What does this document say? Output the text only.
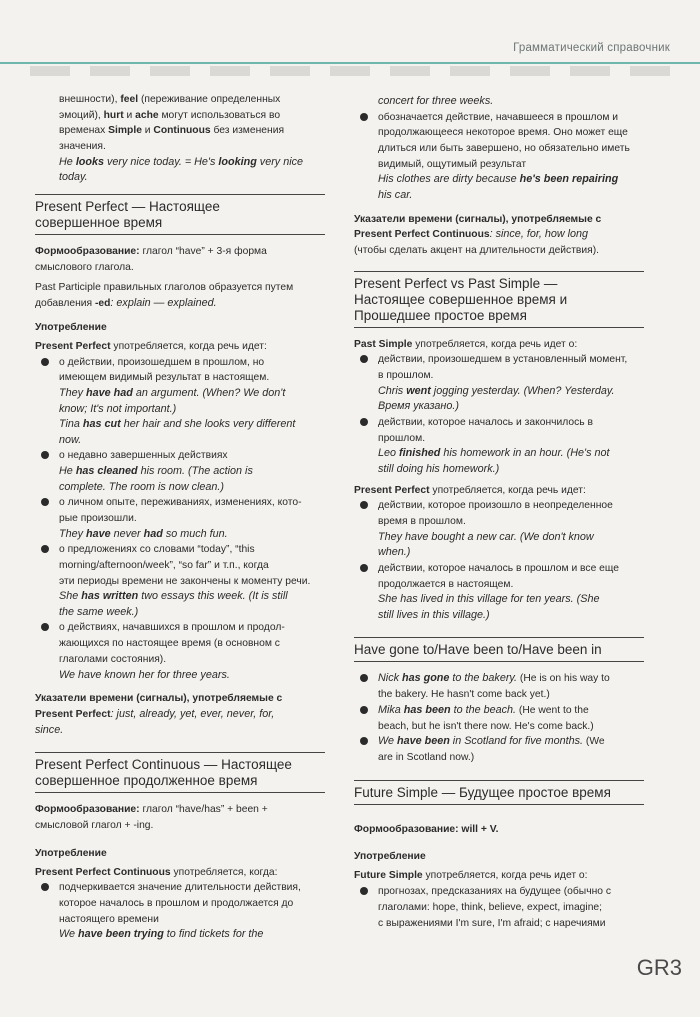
Грамматический справочник

внешности), feel (переживание определенных

эмоций), hurt и ache могут использоваться во

временах Simple и Continuous без изменения

значения.

He looks very nice today. = He's looking very nice

today.

Present Perfect — Настоящее
совершенное время

Формообразование: глагол “have” + 3-я форма

смыслового глагола.

Past Participle правильных глаголов образуется путем

добавления -ed: explain — explained.

Употребление

Present Perfect употребляется, когда речь идет:

о действии, произошедшем в прошлом, но

имеющем видимый результат в настоящем.

They have had an argument. (When? We don't

know; It's not important.)

Tina has cut her hair and she looks very different

now.

о недавно завершенных действиях

He has cleaned his room. (The action is

complete. The room is now clean.)

о личном опыте, переживаниях, изменениях, кото-

рые произошли.

They have never had so much fun.

о предложениях со словами “today”, “this

morning/afternoon/week”, “so far” и т.п., когда

эти периоды времени не закончены к моменту речи.

She has written two essays this week. (It is still

the same week.)

о действиях, начавшихся в прошлом и продол-

жающихся по настоящее время (в основном с

глаголами состояния).

We have known her for three years.

Указатели времени (сигналы), употребляемые с

Present Perfect: just, already, yet, ever, never, for,

since.

Present Perfect Continuous — Настоящее
совершенное продолженное время

Формообразование: глагол “have/has” + been +

смысловой глагол + -ing.

Употребление

Present Perfect Continuous употребляется, когда:

подчеркивается значение длительности действия,

которое началось в прошлом и продолжается до

настоящего времени

We have been trying to find tickets for the

concert for three weeks.

обозначается действие, начавшееся в прошлом и

продолжающееся некоторое время. Оно может еще

длиться или быть завершено, но обязательно иметь

видимый, ощутимый результат

His clothes are dirty because he's been repairing

his car.

Указатели времени (сигналы), употребляемые с

Present Perfect Continuous: since, for, how long

(чтобы сделать акцент на длительности действия).

Present Perfect vs Past Simple —
Настоящее совершенное время и
Прошедшее простое время

Past Simple употребляется, когда речь идет о:

действии, произошедшем в установленный момент,

в прошлом.

Chris went jogging yesterday. (When? Yesterday.

Время указано.)

действии, которое началось и закончилось в

прошлом.

Leo finished his homework in an hour. (He's not

still doing his homework.)

Present Perfect употребляется, когда речь идет:

действии, которое произошло в неопределенное

время в прошлом.

They have bought a new car. (We don't know

when.)

действии, которое началось в прошлом и все еще

продолжается в настоящем.

She has lived in this village for ten years. (She

still lives in this village.)

Have gone to/Have been to/Have been in

Nick has gone to the bakery. (He is on his way to

the bakery. He hasn't come back yet.)

Mika has been to the beach. (He went to the

beach, but he isn't there now. He's come back.)

We have been in Scotland for five months. (We

are in Scotland now.)

Future Simple — Будущее простое время

Формообразование: will + V.

Употребление

Future Simple употребляется, когда речь идет о:

прогнозах, предсказаниях на будущее (обычно с

глаголами: hope, think, believe, expect, imagine;

с выражениями I'm sure, I'm afraid; с наречиями

GR3
